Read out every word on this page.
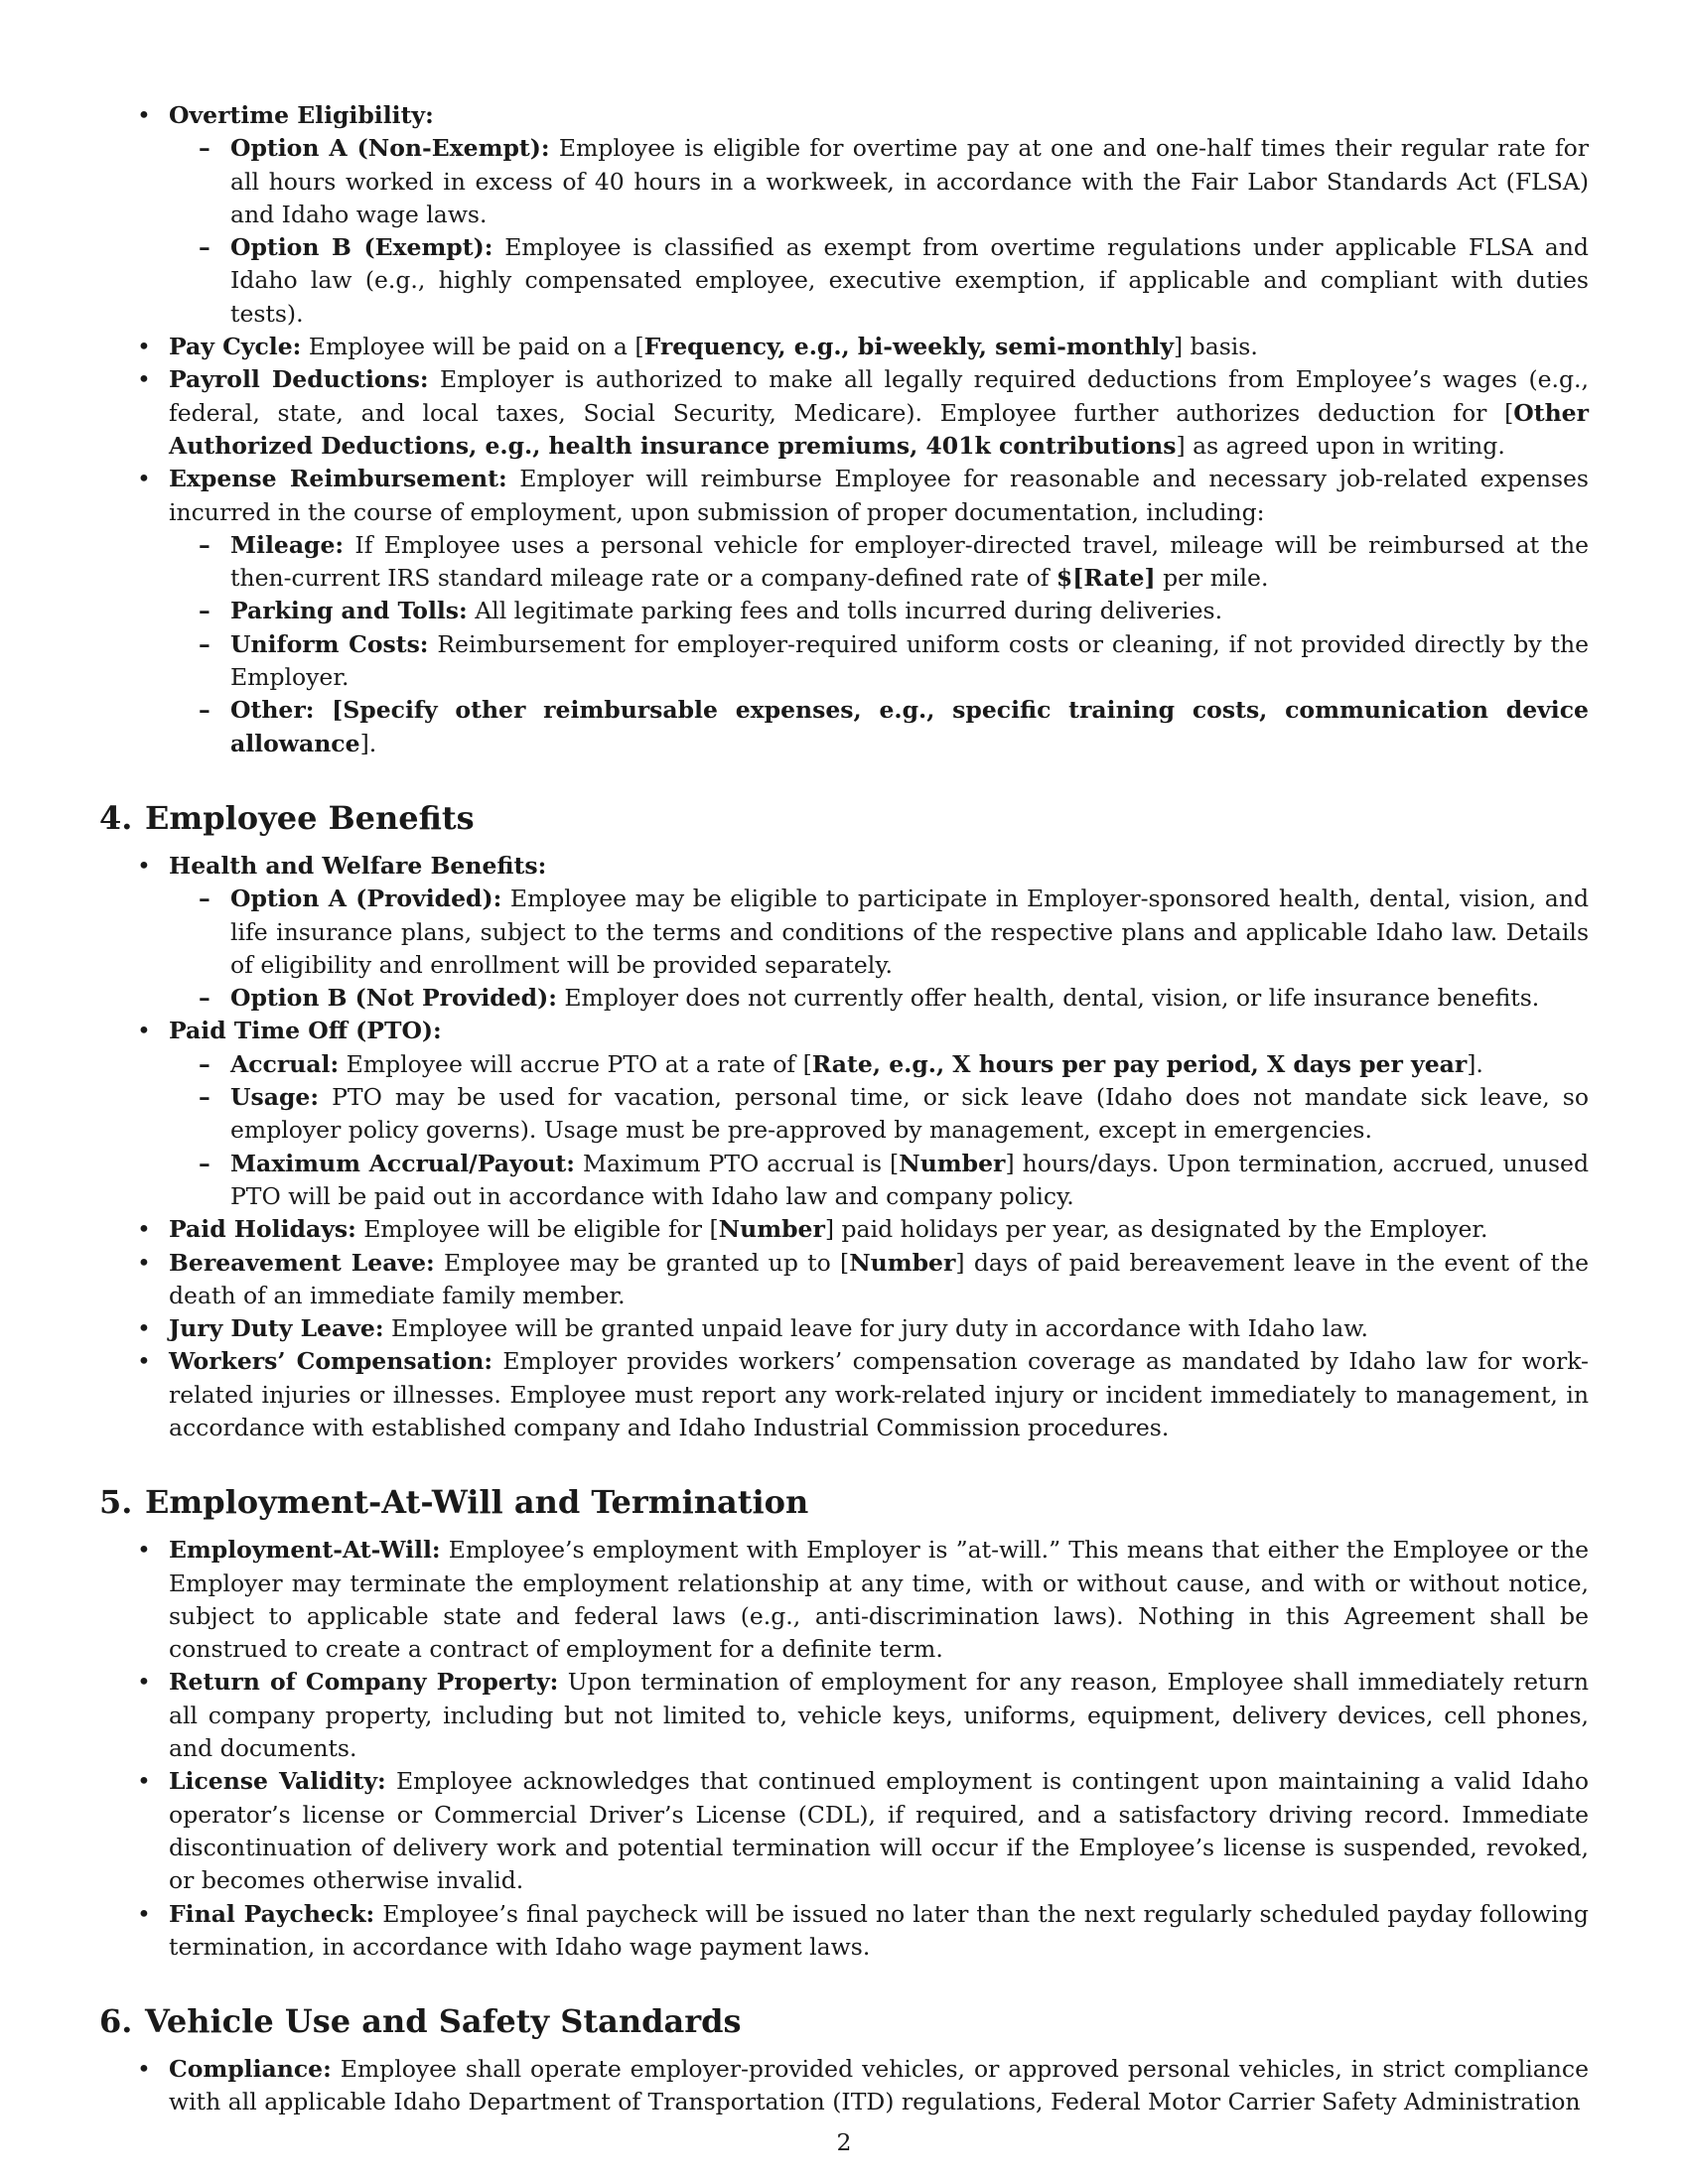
• Overtime Eligibility:
– Option A (Non-Exempt): Employee is eligible for overtime pay at one and one-half times their regular rate for all hours worked in excess of 40 hours in a workweek, in accordance with the Fair Labor Standards Act (FLSA) and Idaho wage laws.
– Option B (Exempt): Employee is classified as exempt from overtime regulations under applicable FLSA and Idaho law (e.g., highly compensated employee, executive exemption, if applicable and compliant with duties tests).
• Pay Cycle: Employee will be paid on a [Frequency, e.g., bi-weekly, semi-monthly] basis.
• Payroll Deductions: Employer is authorized to make all legally required deductions from Employee’s wages (e.g., federal, state, and local taxes, Social Security, Medicare). Employee further authorizes deduction for [Other Authorized Deductions, e.g., health insurance premiums, 401k contributions] as agreed upon in writing.
• Expense Reimbursement: Employer will reimburse Employee for reasonable and necessary job-related expenses incurred in the course of employment, upon submission of proper documentation, including:
– Mileage: If Employee uses a personal vehicle for employer-directed travel, mileage will be reimbursed at the then-current IRS standard mileage rate or a company-defined rate of $[Rate] per mile.
– Parking and Tolls: All legitimate parking fees and tolls incurred during deliveries.
– Uniform Costs: Reimbursement for employer-required uniform costs or cleaning, if not provided directly by the Employer.
– Other: [Specify other reimbursable expenses, e.g., specific training costs, communication device allowance].
4. Employee Benefits
• Health and Welfare Benefits:
– Option A (Provided): Employee may be eligible to participate in Employer-sponsored health, dental, vision, and life insurance plans, subject to the terms and conditions of the respective plans and applicable Idaho law. Details of eligibility and enrollment will be provided separately.
– Option B (Not Provided): Employer does not currently offer health, dental, vision, or life insurance benefits.
• Paid Time Off (PTO):
– Accrual: Employee will accrue PTO at a rate of [Rate, e.g., X hours per pay period, X days per year].
– Usage: PTO may be used for vacation, personal time, or sick leave (Idaho does not mandate sick leave, so employer policy governs). Usage must be pre-approved by management, except in emergencies.
– Maximum Accrual/Payout: Maximum PTO accrual is [Number] hours/days. Upon termination, accrued, unused PTO will be paid out in accordance with Idaho law and company policy.
• Paid Holidays: Employee will be eligible for [Number] paid holidays per year, as designated by the Employer.
• Bereavement Leave: Employee may be granted up to [Number] days of paid bereavement leave in the event of the death of an immediate family member.
• Jury Duty Leave: Employee will be granted unpaid leave for jury duty in accordance with Idaho law.
• Workers’ Compensation: Employer provides workers’ compensation coverage as mandated by Idaho law for work-related injuries or illnesses. Employee must report any work-related injury or incident immediately to management, in accordance with established company and Idaho Industrial Commission procedures.
5. Employment-At-Will and Termination
• Employment-At-Will: Employee’s employment with Employer is ”at-will.” This means that either the Employee or the Employer may terminate the employment relationship at any time, with or without cause, and with or without notice, subject to applicable state and federal laws (e.g., anti-discrimination laws). Nothing in this Agreement shall be construed to create a contract of employment for a definite term.
• Return of Company Property: Upon termination of employment for any reason, Employee shall immediately return all company property, including but not limited to, vehicle keys, uniforms, equipment, delivery devices, cell phones, and documents.
• License Validity: Employee acknowledges that continued employment is contingent upon maintaining a valid Idaho operator’s license or Commercial Driver’s License (CDL), if required, and a satisfactory driving record. Immediate discontinuation of delivery work and potential termination will occur if the Employee’s license is suspended, revoked, or becomes otherwise invalid.
• Final Paycheck: Employee’s final paycheck will be issued no later than the next regularly scheduled payday following termination, in accordance with Idaho wage payment laws.
6. Vehicle Use and Safety Standards
• Compliance: Employee shall operate employer-provided vehicles, or approved personal vehicles, in strict compliance with all applicable Idaho Department of Transportation (ITD) regulations, Federal Motor Carrier Safety Administration
2
